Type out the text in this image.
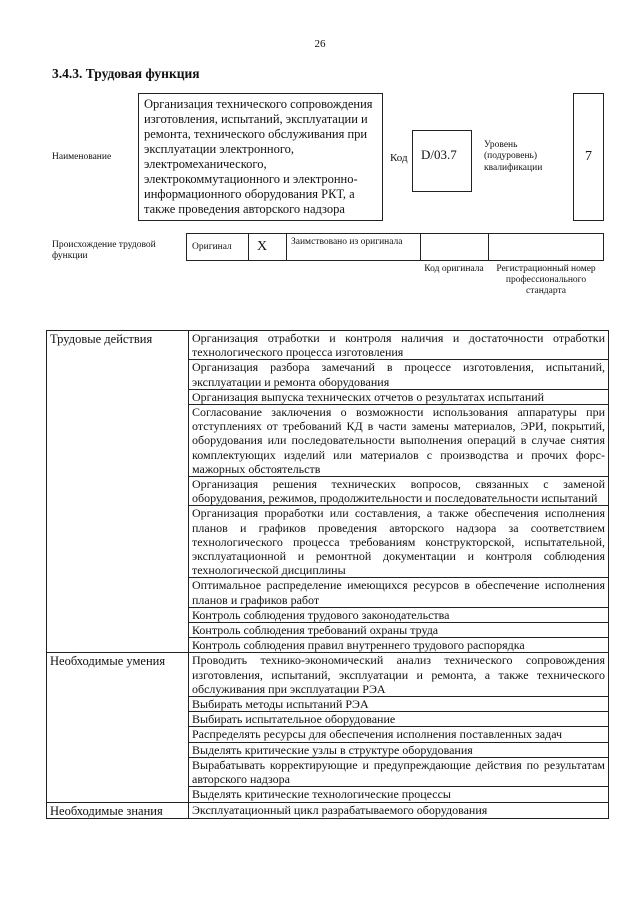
26
3.4.3. Трудовая функция
Наименование
Организация технического сопровождения изготовления, испытаний, эксплуатации и ремонта, технического обслуживания при эксплуатации электронного, электромеханического, электрокоммутационного и электронно-информационного оборудования РКТ, а также проведения авторского надзора
Код	D/03.7
Уровень (подуровень) квалификации
7
Происхождение трудовой функции
Оригинал X	Заимствовано из оригинала
Код оригинала	Регистрационный номер профессионального стандарта
Трудовые действия	Организация отработки и контроля наличия и достаточности отработки технологического процесса изготовления
	Организация разбора замечаний в процессе изготовления, испытаний, эксплуатации и ремонта оборудования
	Организация выпуска технических отчетов о результатах испытаний
	Согласование заключения о возможности использования аппаратуры при отступлениях от требований КД в части замены материалов, ЭРИ, покрытий, оборудования или последовательности выполнения операций в случае снятия комплектующих изделий или материалов с производства и прочих форс-мажорных обстоятельств
	Организация решения технических вопросов, связанных с заменой оборудования, режимов, продолжительности и последовательности испытаний
	Организация проработки или составления, а также обеспечения исполнения планов и графиков проведения авторского надзора за соответствием технологического процесса требованиям конструкторской, испытательной, эксплуатационной и ремонтной документации и контроля соблюдения технологической дисциплины
	Оптимальное распределение имеющихся ресурсов в обеспечение исполнения планов и графиков работ
	Контроль соблюдения трудового законодательства
	Контроль соблюдения требований охраны труда
	Контроль соблюдения правил внутреннего трудового распорядка
Необходимые умения	Проводить технико-экономический анализ технического сопровождения изготовления, испытаний, эксплуатации и ремонта, а также технического обслуживания при эксплуатации РЭА
	Выбирать методы испытаний РЭА
	Выбирать испытательное оборудование
	Распределять ресурсы для обеспечения исполнения поставленных задач
	Выделять критические узлы в структуре оборудования
	Вырабатывать корректирующие и предупреждающие действия по результатам авторского надзора
	Выделять критические технологические процессы
Необходимые знания	Эксплуатационный цикл разрабатываемого оборудования
